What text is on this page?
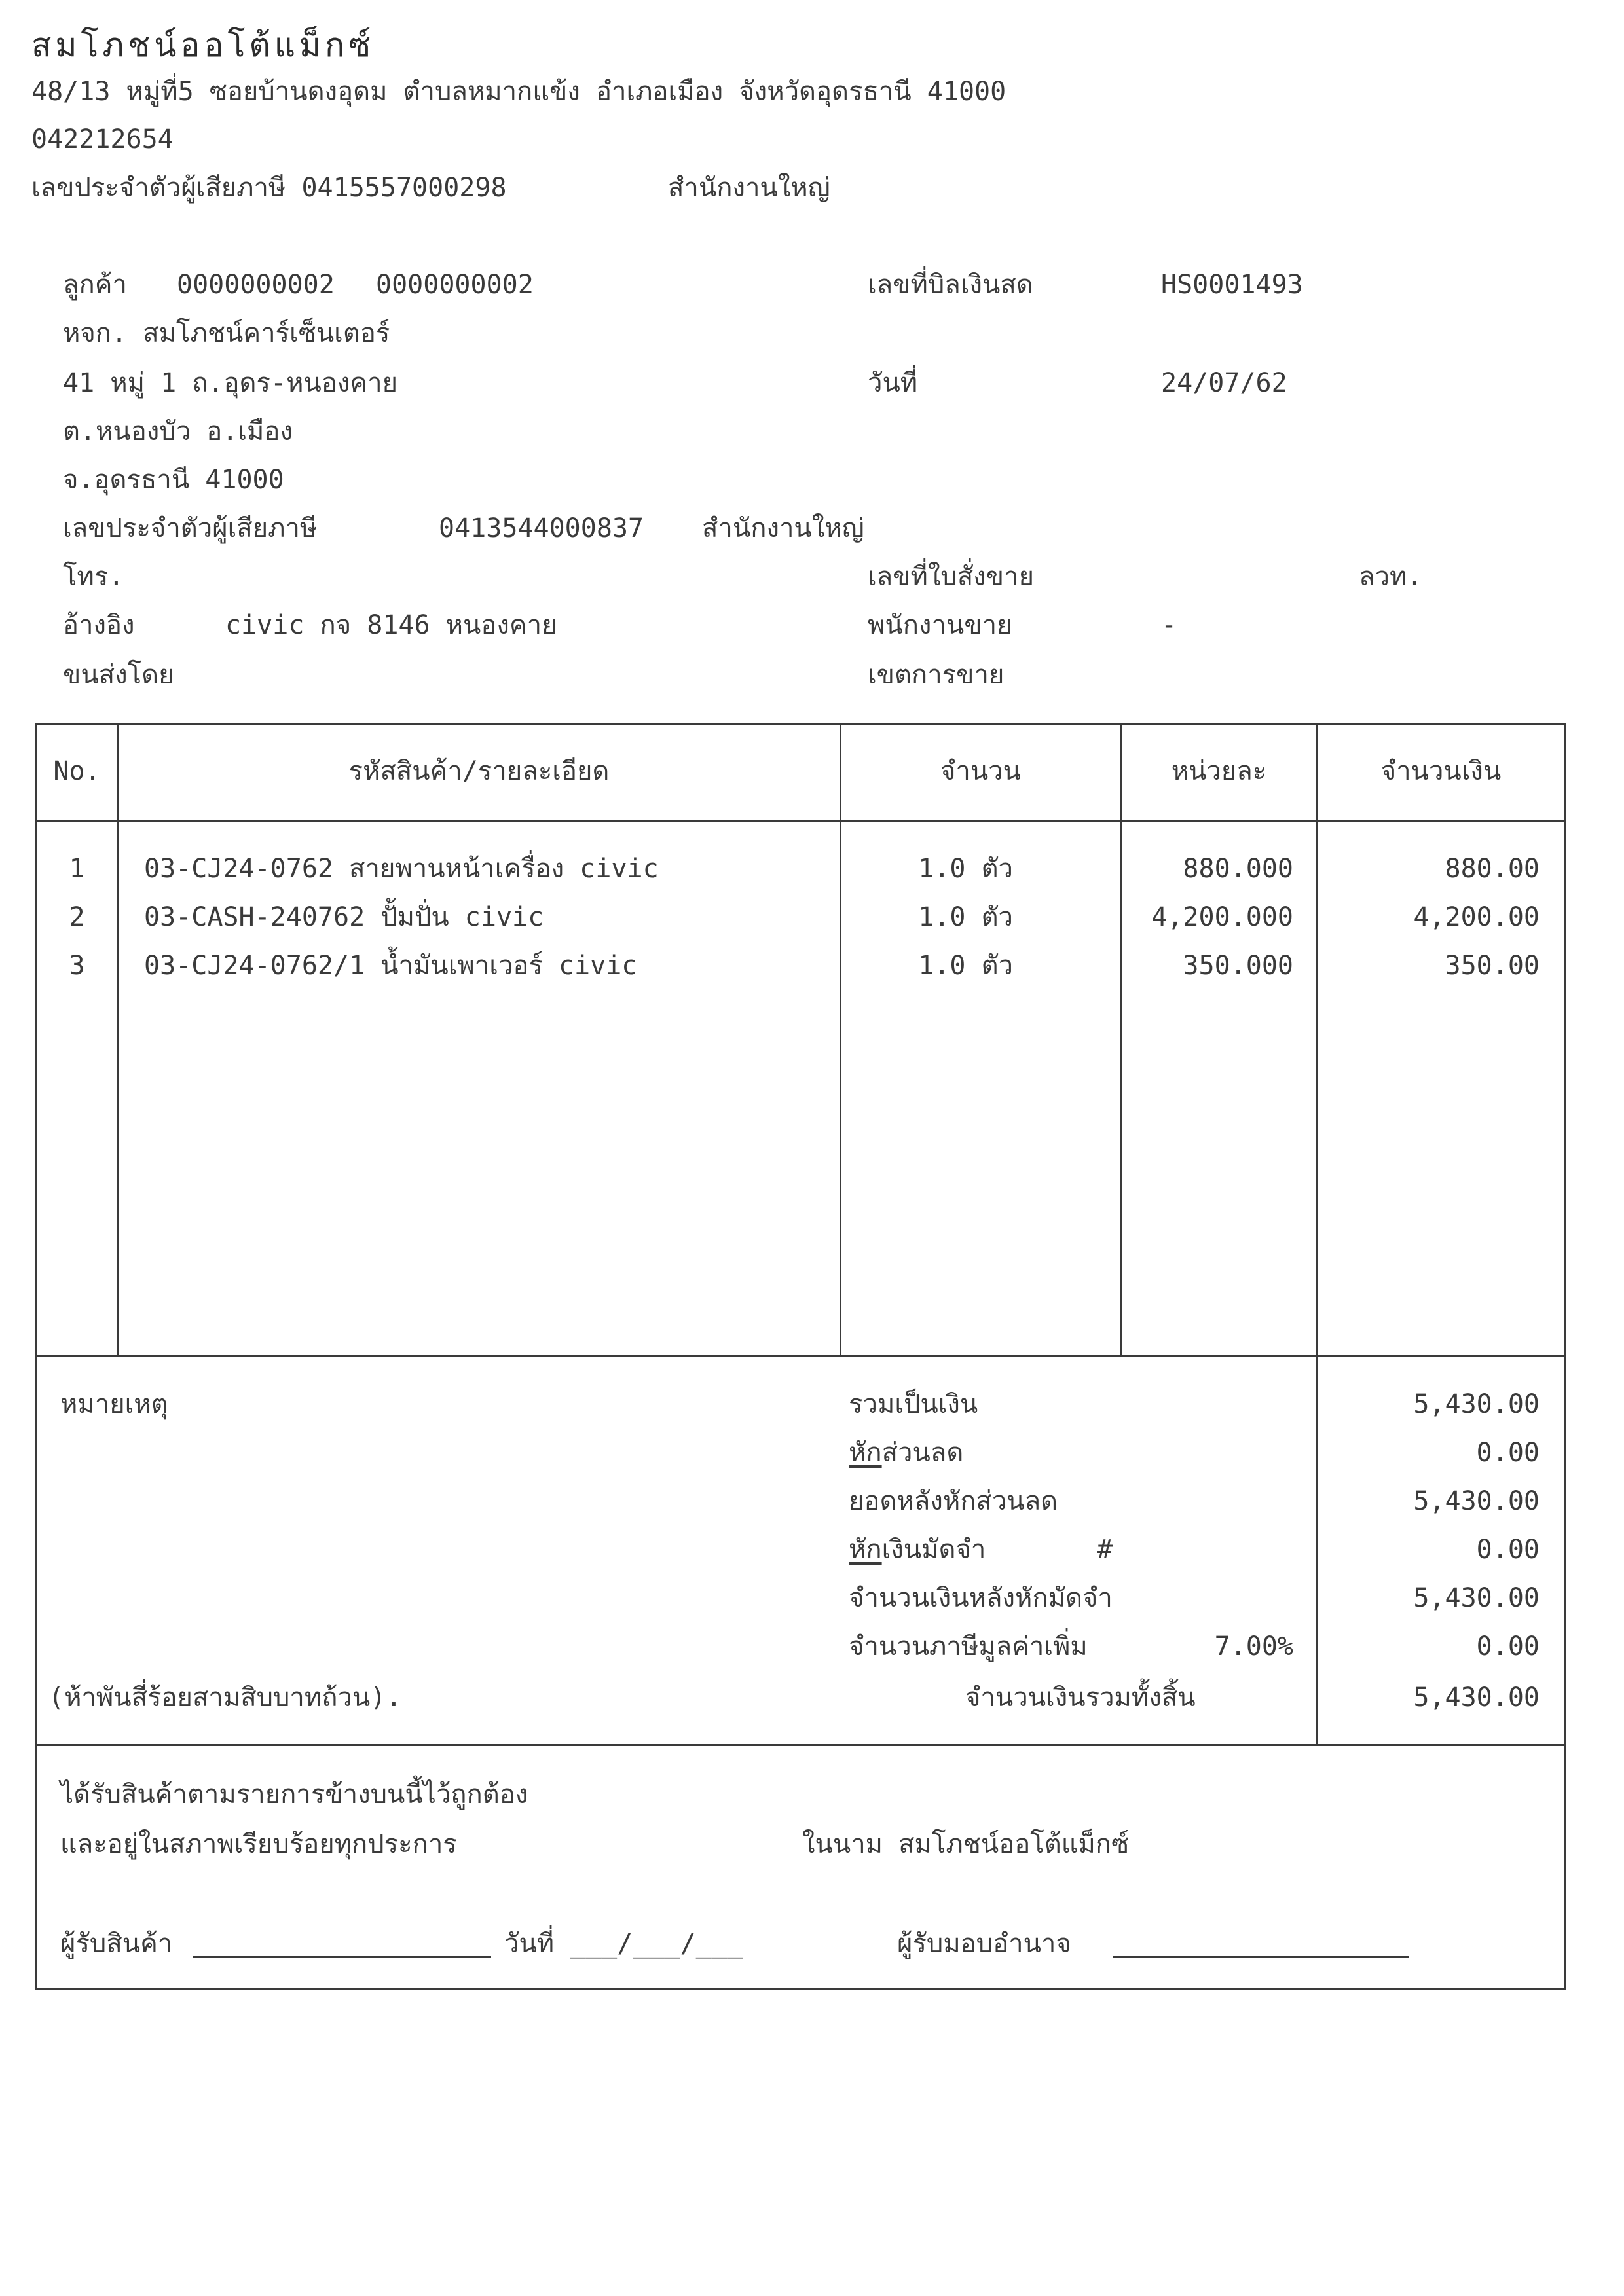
สมโภชน์ออโต้แม็กซ์
48/13 หมู่ที่5 ซอยบ้านดงอุดม ตำบลหมากแข้ง อำเภอเมือง จังหวัดอุดรธานี 41000
042212654
เลขประจำตัวผู้เสียภาษี 0415557000298	สำนักงานใหญ่
ลูกค้า 0000000002 0000000002
หจก. สมโภชน์คาร์เซ็นเตอร์
41 หมู่ 1 ถ.อุดร-หนองคาย
ต.หนองบัว อ.เมือง
จ.อุดรธานี 41000
เลขประจำตัวผู้เสียภาษี	0413544000837 สำนักงานใหญ่
โทร.
อ้างอิง	civic กจ 8146 หนองคาย
ขนส่งโดย
เลขที่บิลเงินสด	HS0001493
วันที่	24/07/62
เลขที่ใบสั่งขาย	ลวท.
พนักงานขาย	-
เขตการขาย
No.	รหัสสินค้า/รายละเอียด	จำนวน	หน่วยละ	จำนวนเงิน
1	03-CJ24-0762 สายพานหน้าเครื่อง civic	1.0 ตัว	880.000	880.00
2	03-CASH-240762 ปั้มปั่น civic	1.0 ตัว	4,200.000	4,200.00
3	03-CJ24-0762/1 น้ำมันเพาเวอร์ civic	1.0 ตัว	350.000	350.00
หมายเหตุ
(ห้าพันสี่ร้อยสามสิบบาทถ้วน).
รวมเป็นเงิน	5,430.00
หักส่วนลด	0.00
ยอดหลังหักส่วนลด	5,430.00
หักเงินมัดจำ	#	0.00
จำนวนเงินหลังหักมัดจำ	5,430.00
จำนวนภาษีมูลค่าเพิ่ม	7.00%	0.00
จำนวนเงินรวมทั้งสิ้น	5,430.00
ได้รับสินค้าตามรายการข้างบนนี้ไว้ถูกต้อง
และอยู่ในสภาพเรียบร้อยทุกประการ	ในนาม สมโภชน์ออโต้แม็กซ์
ผู้รับสินค้า	วันที่ ___/___/___	ผู้รับมอบอำนาจ
